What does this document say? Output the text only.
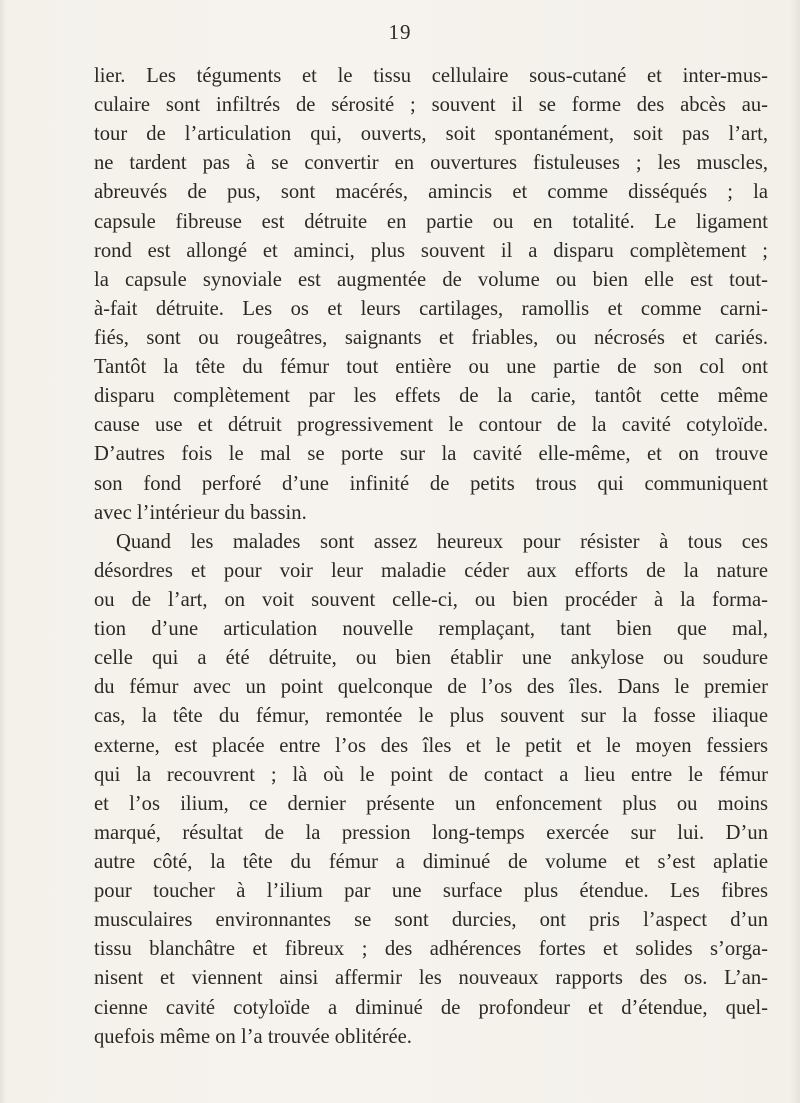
19
lier. Les téguments et le tissu cellulaire sous-cutané et inter-mus-
culaire sont infiltrés de sérosité ; souvent il se forme des abcès au-
tour de l’articulation qui, ouverts, soit spontanément, soit pas l’art,
ne tardent pas à se convertir en ouvertures fistuleuses ; les muscles,
abreuvés de pus, sont macérés, amincis et comme disséqués ; la
capsule fibreuse est détruite en partie ou en totalité. Le ligament
rond est allongé et aminci, plus souvent il a disparu complètement ;
la capsule synoviale est augmentée de volume ou bien elle est tout-
à-fait détruite. Les os et leurs cartilages, ramollis et comme carni-
fiés, sont ou rougeâtres, saignants et friables, ou nécrosés et cariés.
Tantôt la tête du fémur tout entière ou une partie de son col ont
disparu complètement par les effets de la carie, tantôt cette même
cause use et détruit progressivement le contour de la cavité cotyloïde.
D’autres fois le mal se porte sur la cavité elle-même, et on trouve
son fond perforé d’une infinité de petits trous qui communiquent
avec l’intérieur du bassin.
Quand les malades sont assez heureux pour résister à tous ces
désordres et pour voir leur maladie céder aux efforts de la nature
ou de l’art, on voit souvent celle-ci, ou bien procéder à la forma-
tion d’une articulation nouvelle remplaçant, tant bien que mal,
celle qui a été détruite, ou bien établir une ankylose ou soudure
du fémur avec un point quelconque de l’os des îles. Dans le premier
cas, la tête du fémur, remontée le plus souvent sur la fosse iliaque
externe, est placée entre l’os des îles et le petit et le moyen fessiers
qui la recouvrent ; là où le point de contact a lieu entre le fémur
et l’os ilium, ce dernier présente un enfoncement plus ou moins
marqué, résultat de la pression long-temps exercée sur lui. D’un
autre côté, la tête du fémur a diminué de volume et s’est aplatie
pour toucher à l’ilium par une surface plus étendue. Les fibres
musculaires environnantes se sont durcies, ont pris l’aspect d’un
tissu blanchâtre et fibreux ; des adhérences fortes et solides s’orga-
nisent et viennent ainsi affermir les nouveaux rapports des os. L’an-
cienne cavité cotyloïde a diminué de profondeur et d’étendue, quel-
quefois même on l’a trouvée oblitérée.
